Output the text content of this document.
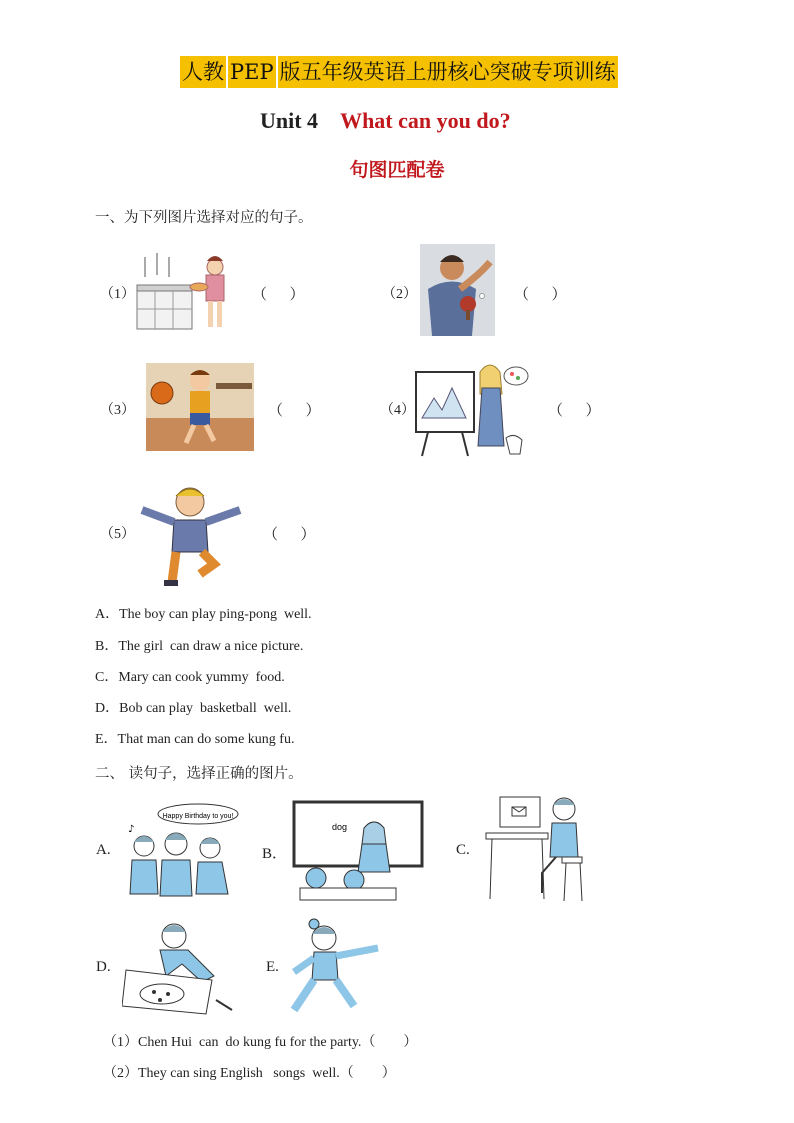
人教 PEP 版五年级英语上册核心突破专项训练
Unit 4 What can you do?
句图匹配卷
一、为下列图片选择对应的句子。
（1）	（      ）	（2）	（      ）
（3）	（      ）	（4）	（      ）
（5）	（      ）
A．The boy can play ping-pong  well.
B．The girl  can draw a nice picture.
C．Mary can cook yummy  food.
D．Bob can play  basketball  well.
E．That man can do some kung fu.
二、 读句子，选择正确的图片。
A.
Happy Birthday to you!
♪
B．
dog
C.
D.	E.
（1）Chen Hui  can  do kung fu for the party.（        ）
（2）They can sing English   songs  well.（        ）
